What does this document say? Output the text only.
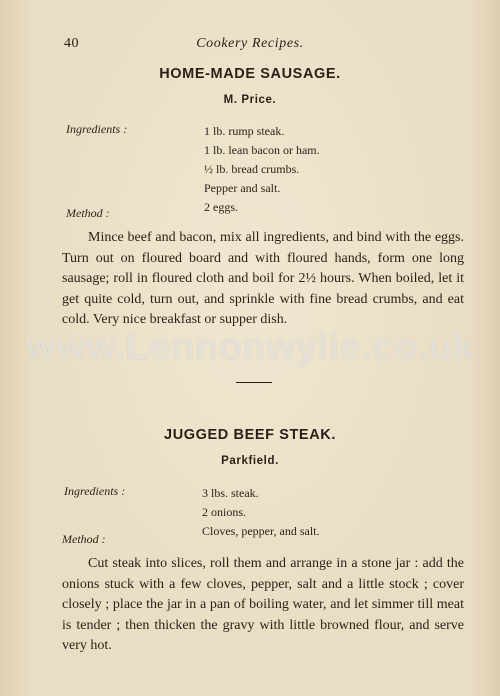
40	Cookery Recipes.
HOME-MADE SAUSAGE.
M. Price.
Ingredients :	1 lb. rump steak.
1 lb. lean bacon or ham.
½ lb. bread crumbs.
Pepper and salt.
2 eggs.
Method :

Mince beef and bacon, mix all ingredients, and bind with the eggs. Turn out on floured board and with floured hands, form one long sausage; roll in floured cloth and boil for 2½ hours. When boiled, let it get quite cold, turn out, and sprinkle with fine bread crumbs, and eat cold. Very nice breakfast or supper dish.

JUGGED BEEF STEAK.
Parkfield.
Ingredients :	3 lbs. steak.
2 onions.
Cloves, pepper, and salt.
Method :

Cut steak into slices, roll them and arrange in a stone jar : add the onions stuck with a few cloves, pepper, salt and a little stock ; cover closely ; place the jar in a pan of boiling water, and let simmer till meat is tender ; then thicken the gravy with little browned flour, and serve very hot.

www.Lennonwylie.co.uk
